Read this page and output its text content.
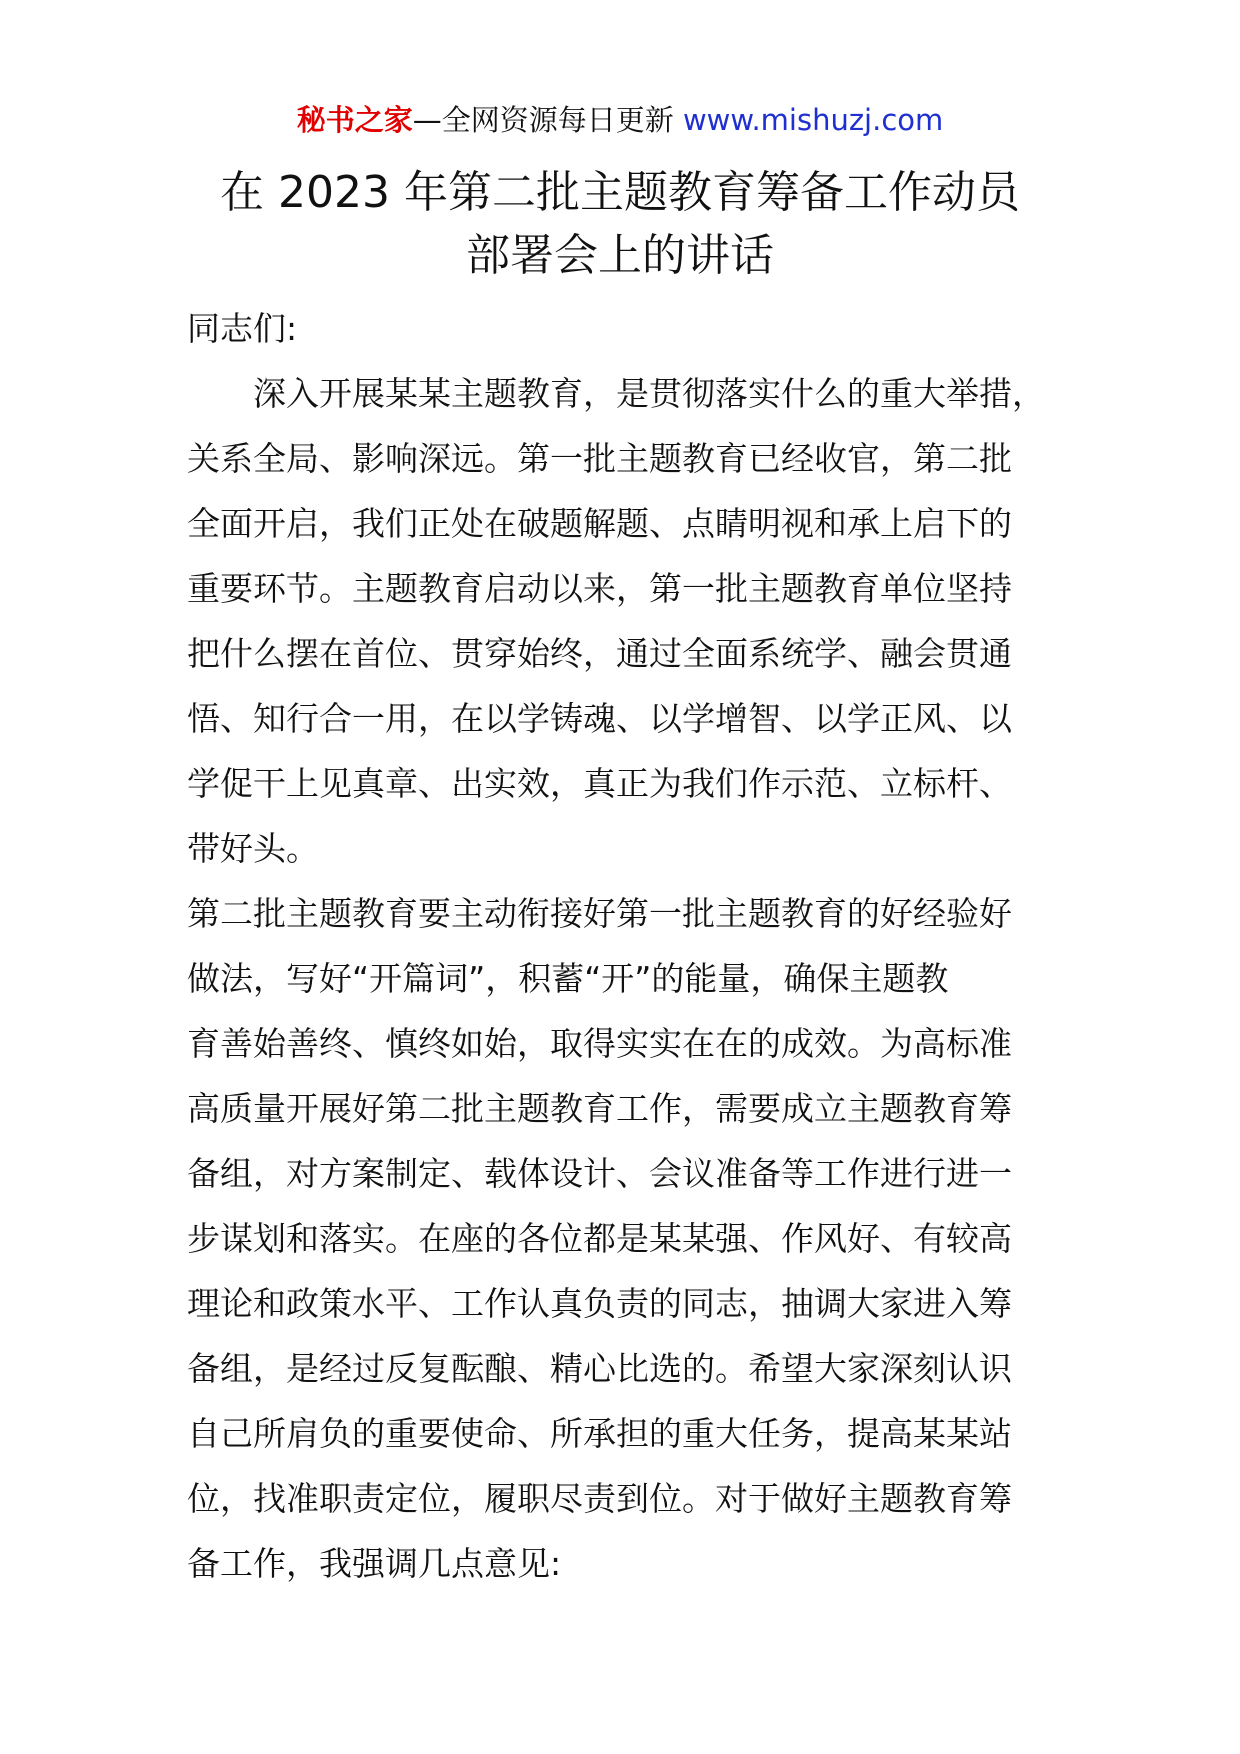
秘书之家—全网资源每日更新 www.mishuzj.com
在 2023 年第二批主题教育筹备工作动员
部署会上的讲话
同志们:
深入开展某某主题教育，是贯彻落实什么的重大举措，
关系全局、影响深远。第一批主题教育已经收官，第二批
全面开启，我们正处在破题解题、点睛明视和承上启下的
重要环节。主题教育启动以来，第一批主题教育单位坚持
把什么摆在首位、贯穿始终，通过全面系统学、融会贯通
悟、知行合一用，在以学铸魂、以学增智、以学正风、以
学促干上见真章、出实效，真正为我们作示范、立标杆、
带好头。
第二批主题教育要主动衔接好第一批主题教育的好经验好
做法，写好“开篇词”，积蓄“开”的能量，确保主题教
育善始善终、慎终如始，取得实实在在的成效。为高标准
高质量开展好第二批主题教育工作，需要成立主题教育筹
备组，对方案制定、载体设计、会议准备等工作进行进一
步谋划和落实。在座的各位都是某某强、作风好、有较高
理论和政策水平、工作认真负责的同志，抽调大家进入筹
备组，是经过反复酝酿、精心比选的。希望大家深刻认识
自己所肩负的重要使命、所承担的重大任务，提高某某站
位，找准职责定位，履职尽责到位。对于做好主题教育筹
备工作，我强调几点意见:
